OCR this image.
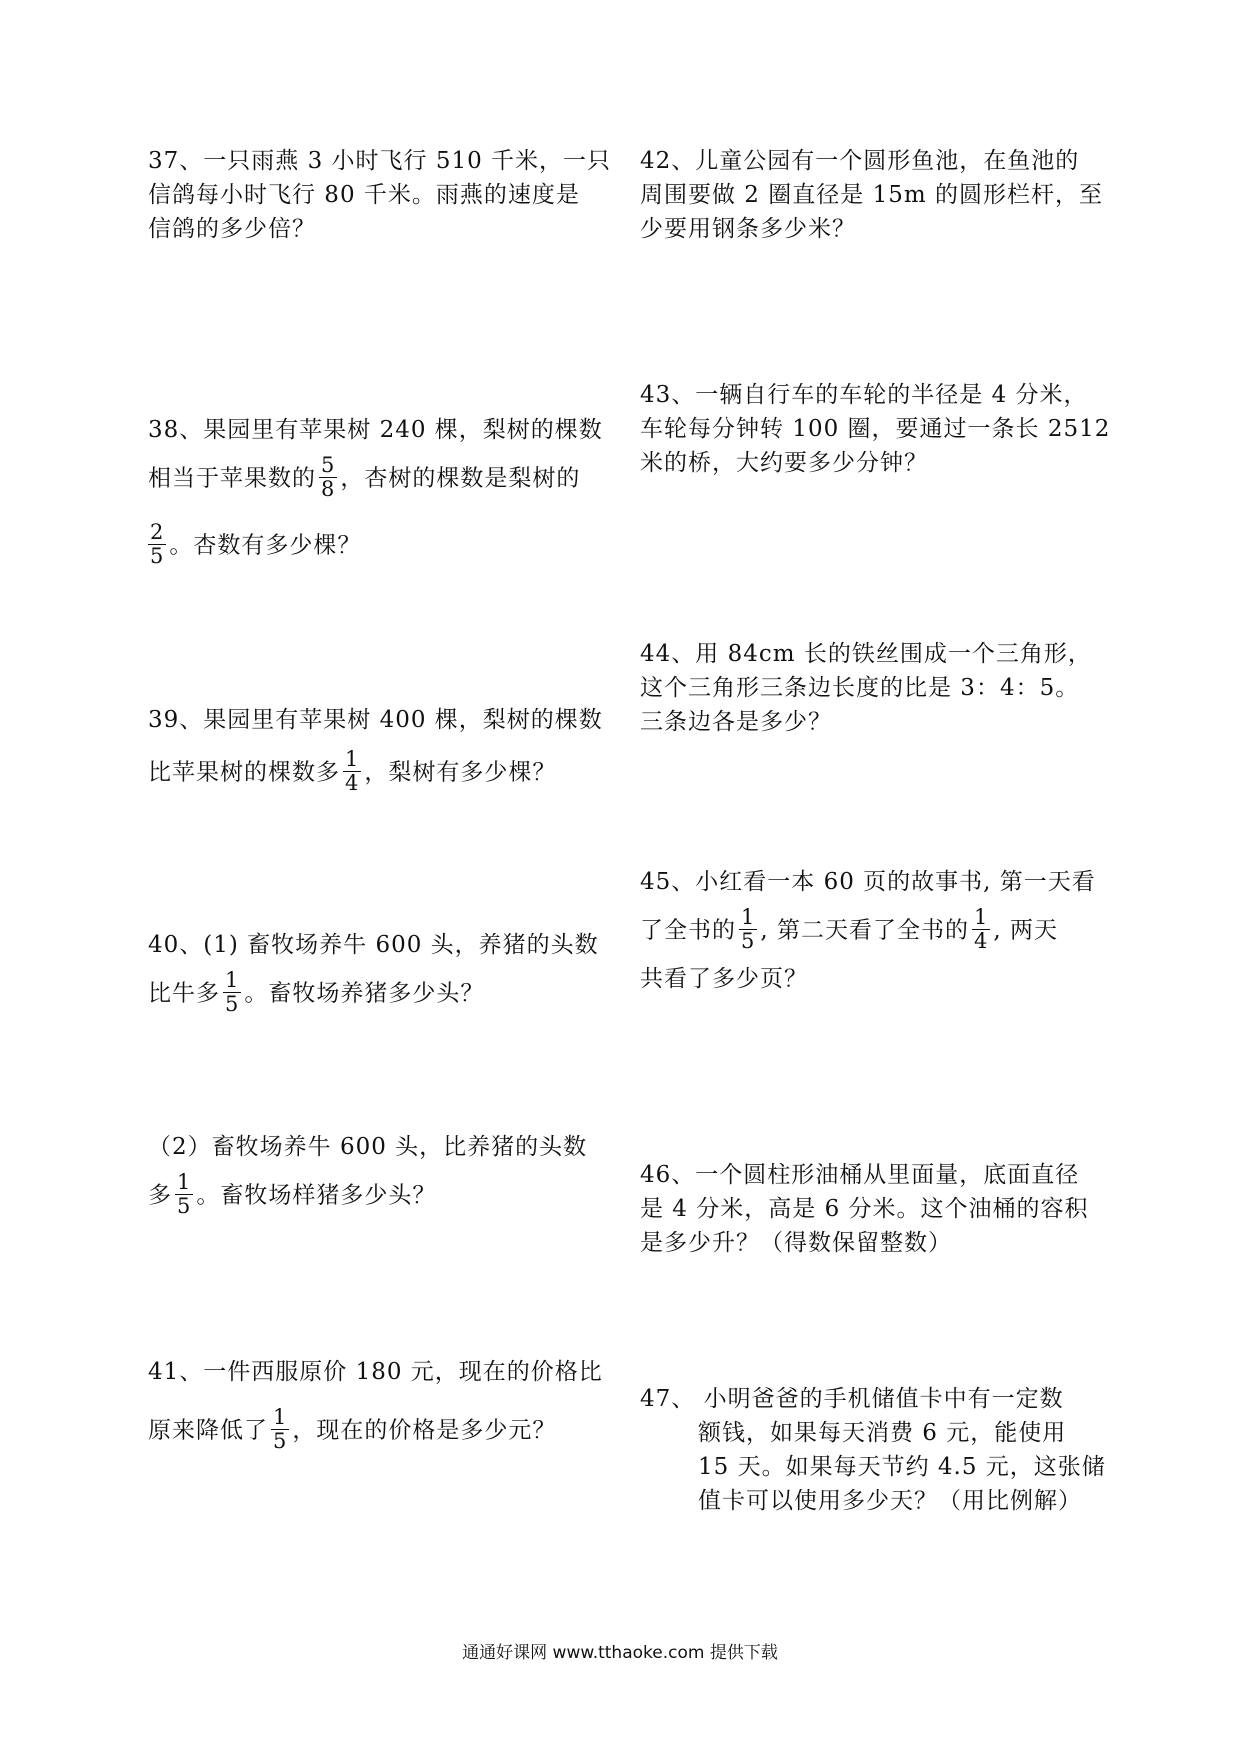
37、一只雨燕 3 小时飞行 510 千米，一只

信鸽每小时飞行 80 千米。雨燕的速度是

信鸽的多少倍？

38、果园里有苹果树 240 棵，梨树的棵数

相当于苹果数的 $\frac{5}{8}$ ，杏树的棵数是梨树的

$\frac{2}{5}$ 。杏数有多少棵？

39、果园里有苹果树 400 棵，梨树的棵数

比苹果树的棵数多 $\frac{1}{4}$ ，梨树有多少棵？

40、(1) 畜牧场养牛 600 头，养猪的头数

比牛多 $\frac{1}{5}$ 。畜牧场养猪多少头？

（2）畜牧场养牛 600 头，比养猪的头数

多 $\frac{1}{5}$ 。畜牧场样猪多少头？

41、一件西服原价 180 元，现在的价格比

原来降低了 $\frac{1}{5}$ ，现在的价格是多少元？

42、儿童公园有一个圆形鱼池，在鱼池的

周围要做 2 圈直径是 15m 的圆形栏杆，至

少要用钢条多少米？

43、一辆自行车的车轮的半径是 4 分米，

车轮每分钟转 100 圈，要通过一条长 2512

米的桥，大约要多少分钟？

44、用 84cm 长的铁丝围成一个三角形，

这个三角形三条边长度的比是 3：4：5。

三条边各是多少？

45、小红看一本 60 页的故事书, 第一天看

了全书的 $\frac{1}{5}$ , 第二天看了全书的 $\frac{1}{4}$ , 两天

共看了多少页？

46、一个圆柱形油桶从里面量，底面直径

是 4 分米，高是 6 分米。这个油桶的容积

是多少升？（得数保留整数）

47、 小明爸爸的手机储值卡中有一定数

额钱，如果每天消费 6 元，能使用

15 天。如果每天节约 4.5 元，这张储

值卡可以使用多少天？（用比例解）

通通好课网 www.tthaoke.com 提供下载
